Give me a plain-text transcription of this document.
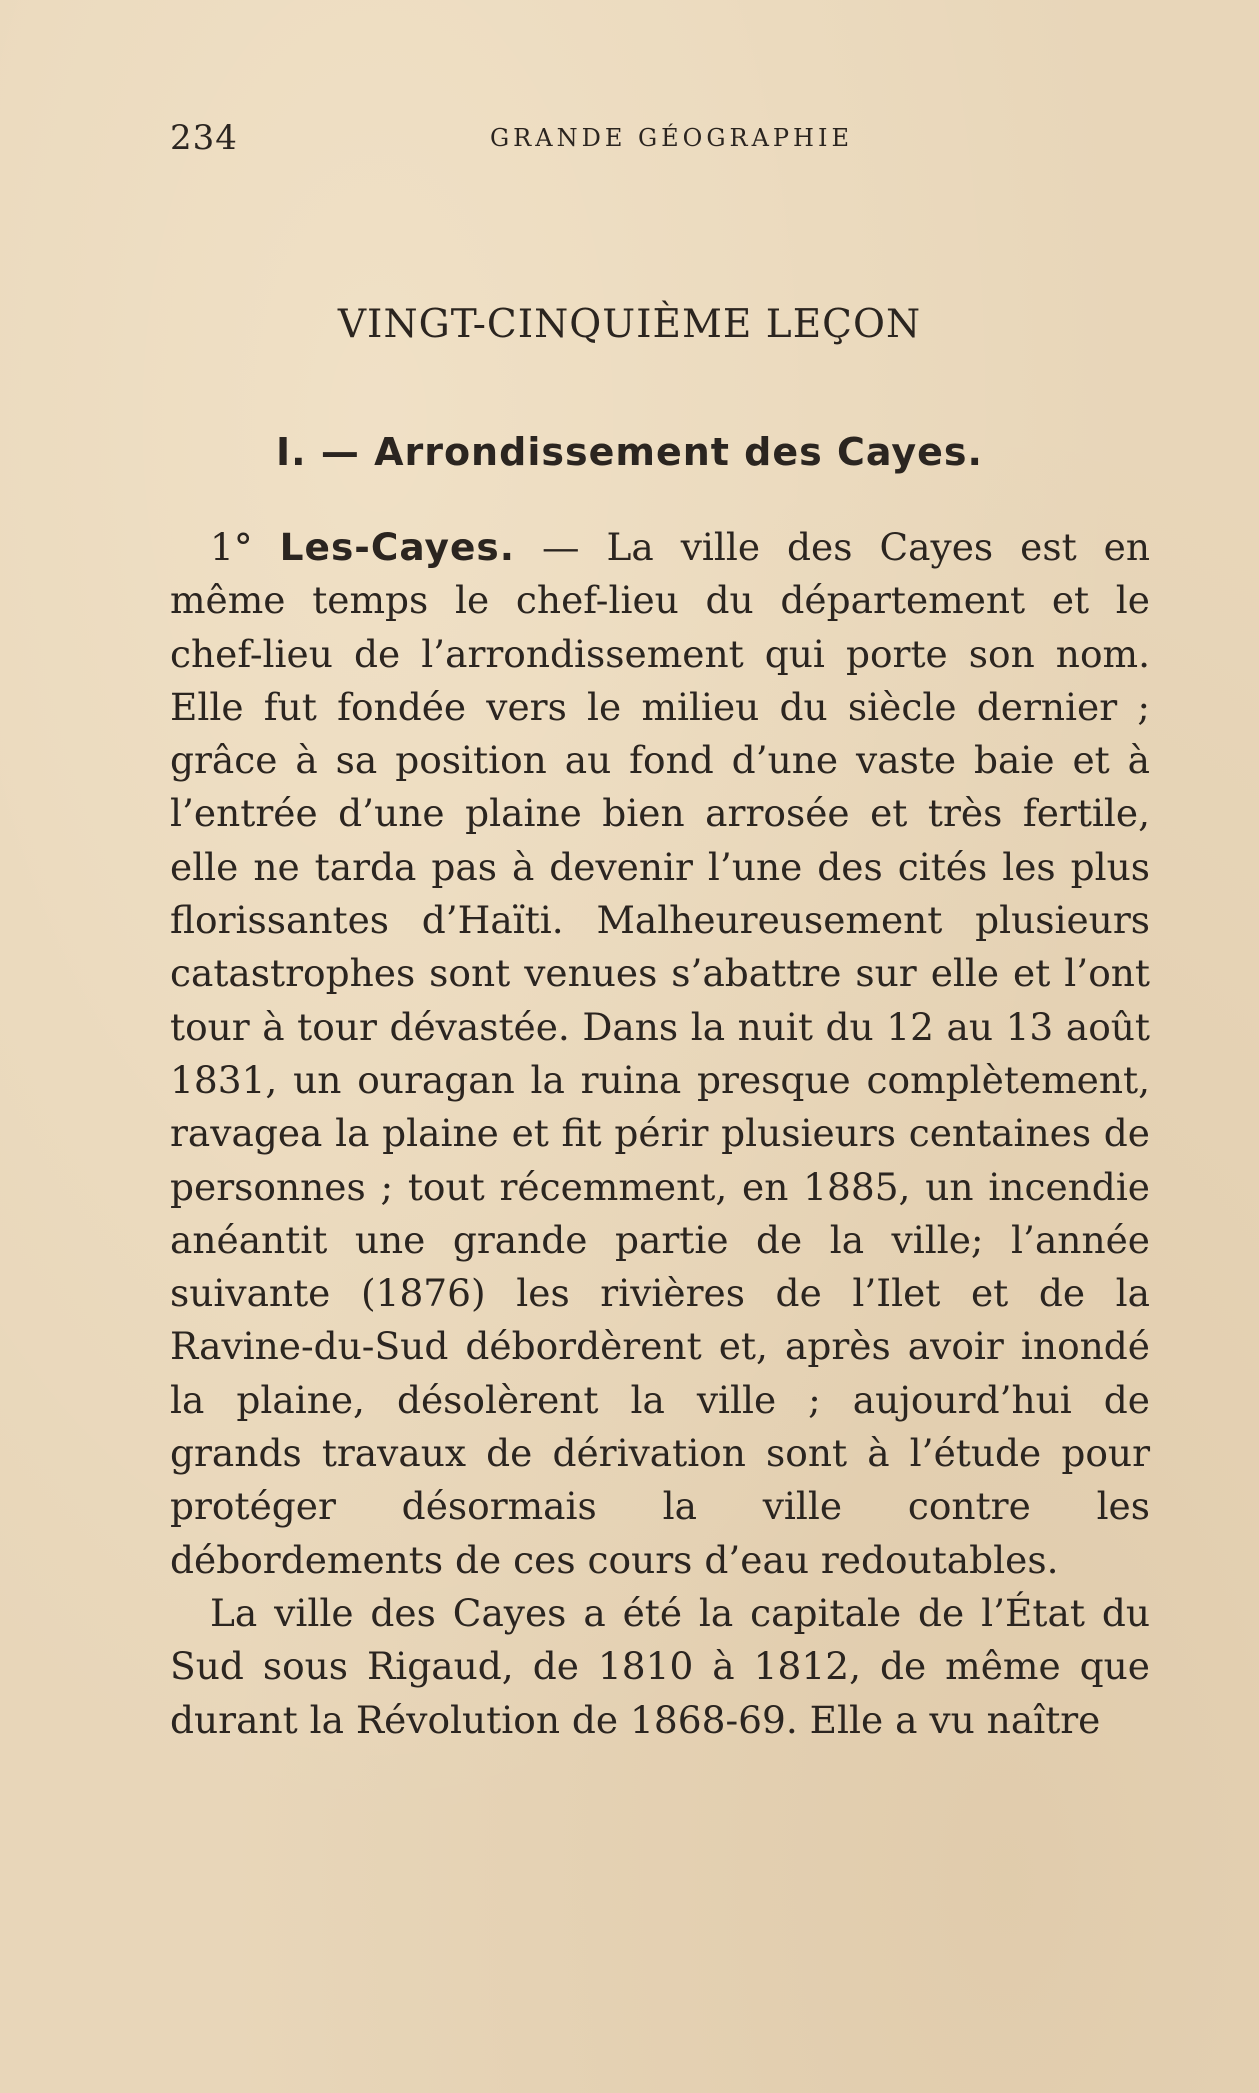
234	GRANDE GÉOGRAPHIE
VINGT-CINQUIÈME LEÇON
I. — Arrondissement des Cayes.

1° Les-Cayes. — La ville des Cayes est en même temps le chef-lieu du département et le chef-lieu de l’arrondissement qui porte son nom. Elle fut fondée vers le milieu du siècle dernier ; grâce à sa position au fond d’une vaste baie et à l’entrée d’une plaine bien arrosée et très fertile, elle ne tarda pas à devenir l’une des cités les plus florissantes d’Haïti. Malheureusement plusieurs catastrophes sont venues s’abattre sur elle et l’ont tour à tour dévastée. Dans la nuit du 12 au 13 août 1831, un ouragan la ruina presque complètement, ravagea la plaine et fit périr plusieurs centaines de personnes ; tout récemment, en 1885, un incendie anéantit une grande partie de la ville; l’année suivante (1876) les rivières de l’Ilet et de la Ravine-du-Sud débordèrent et, après avoir inondé la plaine, désolèrent la ville ; aujourd’hui de grands travaux de dérivation sont à l’étude pour protéger désormais la ville contre les débordements de ces cours d’eau redoutables.

La ville des Cayes a été la capitale de l’État du Sud sous Rigaud, de 1810 à 1812, de même que durant la Révolution de 1868-69. Elle a vu naître
